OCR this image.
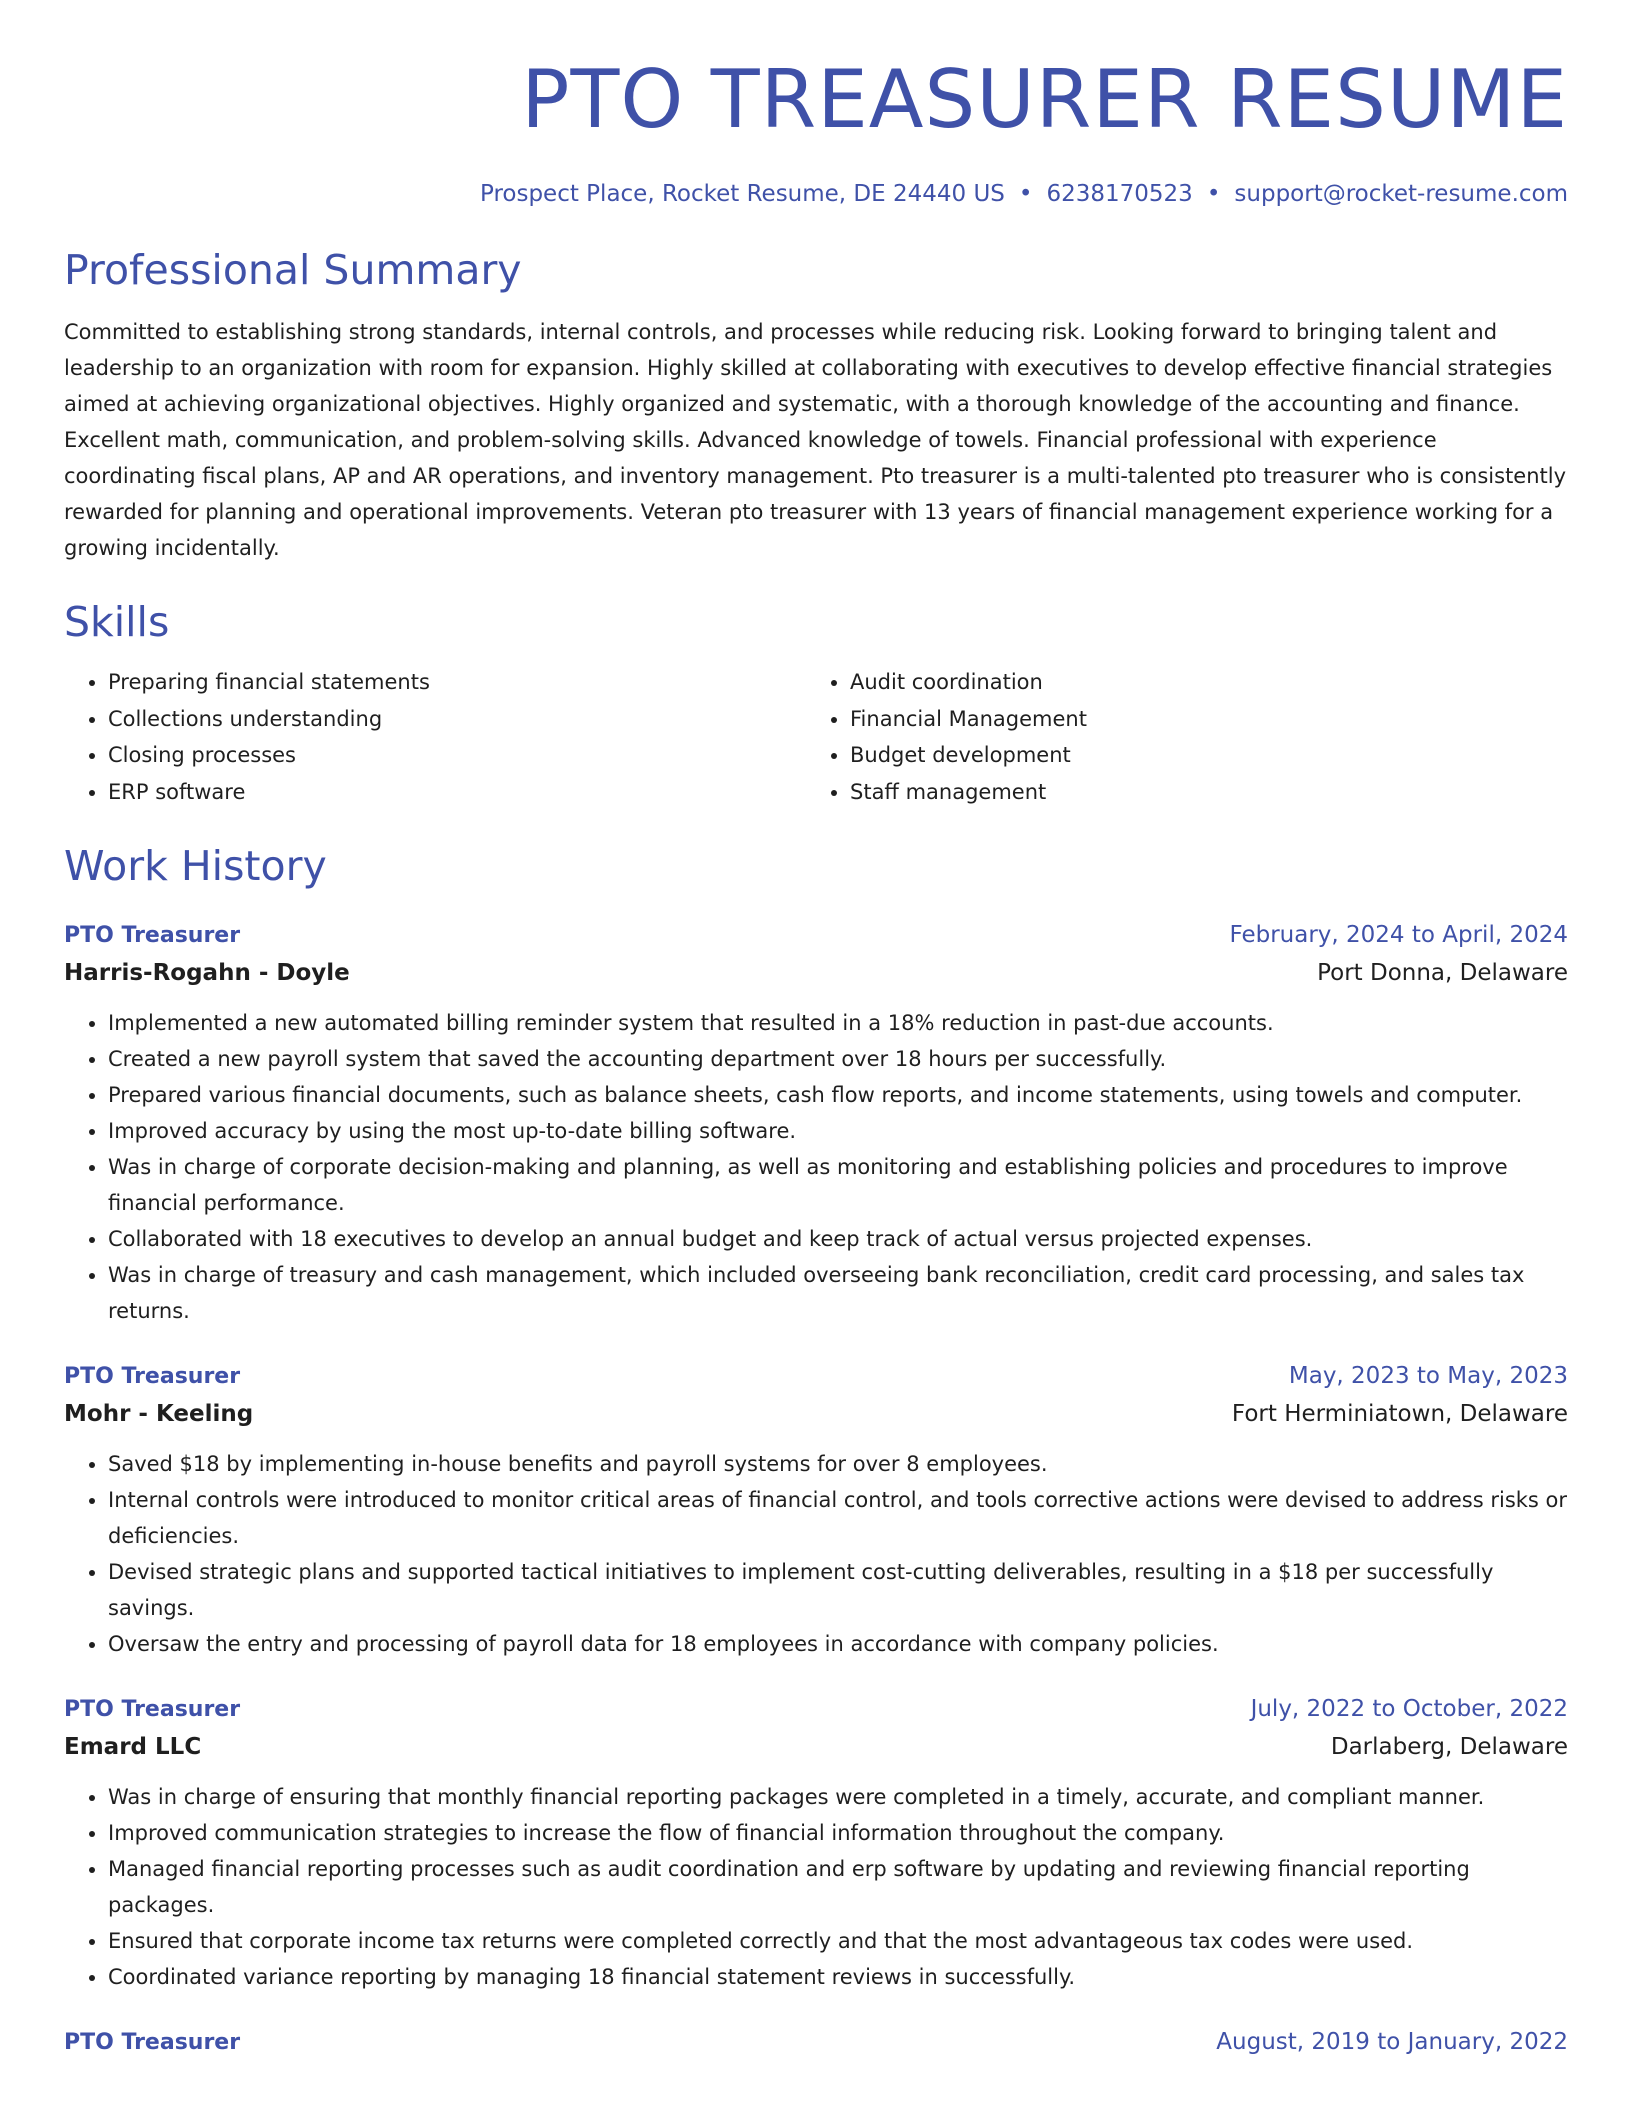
PTO TREASURER RESUME
Prospect Place, Rocket Resume, DE 24440 US • 6238170523 • support@rocket-resume.com
Professional Summary

Committed to establishing strong standards, internal controls, and processes while reducing risk. Looking forward to bringing talent and leadership to an organization with room for expansion. Highly skilled at collaborating with executives to develop effective financial strategies aimed at achieving organizational objectives. Highly organized and systematic, with a thorough knowledge of the accounting and finance. Excellent math, communication, and problem-solving skills. Advanced knowledge of towels. Financial professional with experience coordinating fiscal plans, AP and AR operations, and inventory management. Pto treasurer is a multi-talented pto treasurer who is consistently rewarded for planning and operational improvements. Veteran pto treasurer with 13 years of financial management experience working for a growing incidentally.

Skills
• Preparing financial statements
• Collections understanding
• Closing processes
• ERP software
• Audit coordination
• Financial Management
• Budget development
• Staff management
Work History
PTO Treasurer	February, 2024 to April, 2024
Harris-Rogahn - Doyle	Port Donna, Delaware
• Implemented a new automated billing reminder system that resulted in a 18% reduction in past-due accounts.
• Created a new payroll system that saved the accounting department over 18 hours per successfully.
• Prepared various financial documents, such as balance sheets, cash flow reports, and income statements, using towels and computer.
• Improved accuracy by using the most up-to-date billing software.
• Was in charge of corporate decision-making and planning, as well as monitoring and establishing policies and procedures to improve financial performance.
• Collaborated with 18 executives to develop an annual budget and keep track of actual versus projected expenses.
• Was in charge of treasury and cash management, which included overseeing bank reconciliation, credit card processing, and sales tax returns.
PTO Treasurer	May, 2023 to May, 2023
Mohr - Keeling	Fort Herminiatown, Delaware
• Saved $18 by implementing in-house benefits and payroll systems for over 8 employees.
• Internal controls were introduced to monitor critical areas of financial control, and tools corrective actions were devised to address risks or deficiencies.
• Devised strategic plans and supported tactical initiatives to implement cost-cutting deliverables, resulting in a $18 per successfully savings.
• Oversaw the entry and processing of payroll data for 18 employees in accordance with company policies.
PTO Treasurer	July, 2022 to October, 2022
Emard LLC	Darlaberg, Delaware
• Was in charge of ensuring that monthly financial reporting packages were completed in a timely, accurate, and compliant manner.
• Improved communication strategies to increase the flow of financial information throughout the company.
• Managed financial reporting processes such as audit coordination and erp software by updating and reviewing financial reporting packages.
• Ensured that corporate income tax returns were completed correctly and that the most advantageous tax codes were used.
• Coordinated variance reporting by managing 18 financial statement reviews in successfully.
PTO Treasurer	August, 2019 to January, 2022
